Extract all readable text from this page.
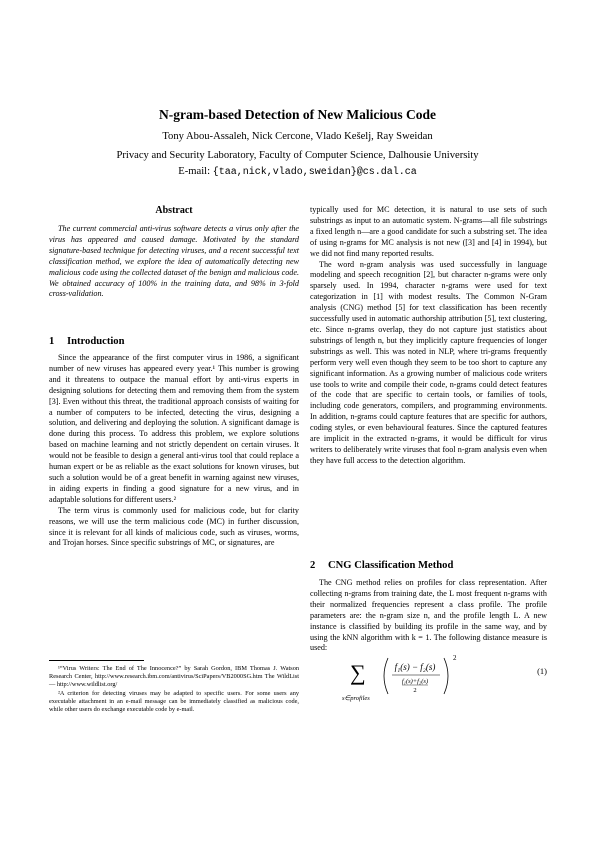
N-gram-based Detection of New Malicious Code
Tony Abou-Assaleh, Nick Cercone, Vlado Kešelj, Ray Sweidan
Privacy and Security Laboratory, Faculty of Computer Science, Dalhousie University
E-mail: {taa,nick,vlado,sweidan}@cs.dal.ca
Abstract

The current commercial anti-virus software detects a virus only after the virus has appeared and caused damage. Motivated by the standard signature-based technique for detecting viruses, and a recent successful text classification method, we explore the idea of automatically detecting new malicious code using the collected dataset of the benign and malicious code. We obtained accuracy of 100% in the training data, and 98% in 3-fold cross-validation.

1 Introduction

Since the appearance of the first computer virus in 1986, a significant number of new viruses has appeared every year.¹ This number is growing and it threatens to outpace the manual effort by anti-virus experts in designing solutions for detecting them and removing them from the system [3]. Even without this threat, the traditional approach consists of waiting for a number of computers to be infected, detecting the virus, designing a solution, and delivering and deploying the solution. A significant damage is done during this process. To address this problem, we explore solutions based on machine learning and not strictly dependent on certain viruses. It would not be feasible to design a general anti-virus tool that could replace a human expert or be as reliable as the exact solutions for known viruses, but such a solution would be of a great benefit in warning against new viruses, in aiding experts in finding a good signature for a new virus, and in adaptable solutions for different users.²

The term virus is commonly used for malicious code, but for clarity reasons, we will use the term malicious code (MC) in further discussion, since it is relevant for all kinds of malicious code, such as viruses, worms, and Trojan horses. Since specific substrings of MC, or signatures, are

¹“Virus Writers: The End of The Innocence?” by Sarah Gordon, IBM Thomas J. Watson Research Center, http://www.research.ibm.com/antivirus/SciPapers/VB2000SG.htm The WildList — http://www.wildlist.org/

²A criterion for detecting viruses may be adapted to specific users. For some users any executable attachment in an e-mail message can be immediately classified as malicious code, while other users do exchange executable code by e-mail.

typically used for MC detection, it is natural to use sets of such substrings as input to an automatic system. N-grams—all file substrings a fixed length n—are a good candidate for such a substring set. The idea of using n-grams for MC analysis is not new ([3] and [4] in 1994), but we did not find many reported results.

The word n-gram analysis was used successfully in language modeling and speech recognition [2], but character n-grams were only sparsely used. In 1994, character n-grams were used for text categorization in [1] with modest results. The Common N-Gram analysis (CNG) method [5] for text classification has been recently successfully used in automatic authorship attribution [5], text clustering, etc. Since n-grams overlap, they do not capture just statistics about substrings of length n, but they implicitly capture frequencies of longer substrings as well. This was noted in NLP, where tri-grams frequently perform very well even though they seem to be too short to capture any significant information. As a growing number of malicious code writers use tools to write and compile their code, n-grams could detect features of the code that are specific to certain tools, or families of tools, including code generators, compilers, and programming environments. In addition, n-grams could capture features that are specific for authors, coding styles, or even behavioural features. Since the captured features are implicit in the extracted n-grams, it would be difficult for virus writers to deliberately write viruses that fool n-gram analysis even when they have full access to the detection algorithm.

2 CNG Classification Method

The CNG method relies on profiles for class representation. After collecting n-grams from training date, the L most frequent n-grams with their normalized frequencies represent a class profile. The profile parameters are: the n-gram size n, and the profile length L. A new instance is classified by building its profile in the same way, and by using the kNN algorithm with k = 1. The following distance measure is used:

∑
s∈profiles
f₁(s) − f₂(s)
f₁(s)+f₂(s)
2
2
(1)
